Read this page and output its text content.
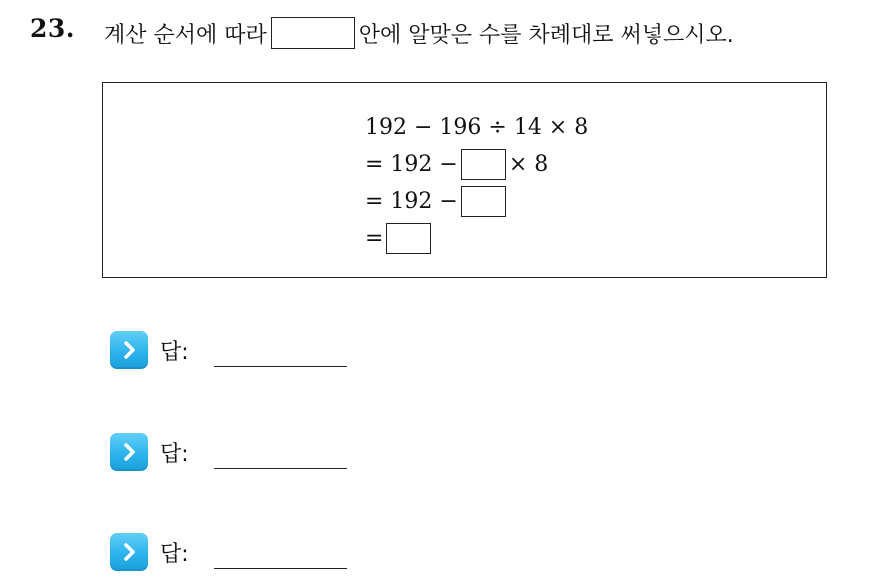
23. 계산 순서에 따라	안에 알맞은 수를 차례대로 써넣으시오.
192 − 196 ÷ 14 × 8
= 192 − × 8
= 192 −
=
답:
답:
답:
